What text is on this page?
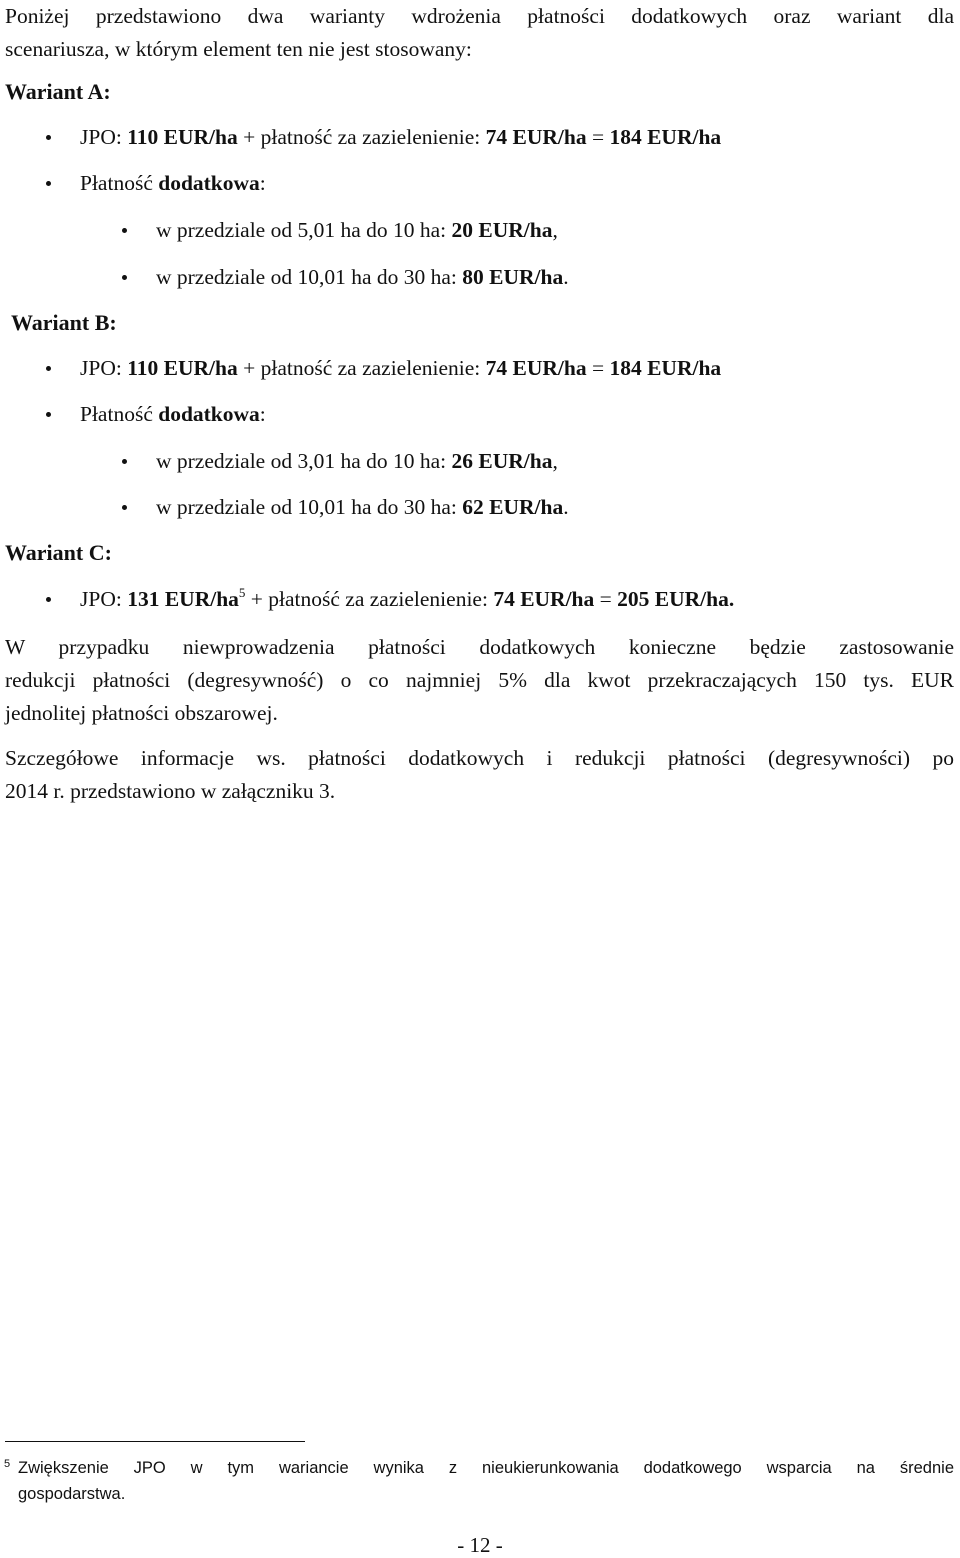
Poniżej przedstawiono dwa warianty wdrożenia płatności dodatkowych oraz wariant dla
scenariusza, w którym element ten nie jest stosowany:
Wariant A:
JPO: 110 EUR/ha + płatność za zazielenienie: 74 EUR/ha = 184 EUR/ha
Płatność dodatkowa:
w przedziale od 5,01 ha do 10 ha: 20 EUR/ha,
w przedziale od 10,01 ha do 30 ha: 80 EUR/ha.
Wariant B:
JPO: 110 EUR/ha + płatność za zazielenienie: 74 EUR/ha = 184 EUR/ha
Płatność dodatkowa:
w przedziale od 3,01 ha do 10 ha: 26 EUR/ha,
w przedziale od 10,01 ha do 30 ha: 62 EUR/ha.
Wariant C:
JPO: 131 EUR/$ha^5$ + płatność za zazielenienie: 74 EUR/ha = 205 EUR/ha.
W przypadku niewprowadzenia płatności dodatkowych konieczne będzie zastosowanie
redukcji płatności (degresywność) o co najmniej 5% dla kwot przekraczających 150 tys. EUR
jednolitej płatności obszarowej.
Szczegółowe informacje ws. płatności dodatkowych i redukcji płatności (degresywności) po
2014 r. przedstawiono w załączniku 3.
5 Zwiększenie JPO w tym wariancie wynika z nieukierunkowania dodatkowego wsparcia na średnie
gospodarstwa.
- 12 -
